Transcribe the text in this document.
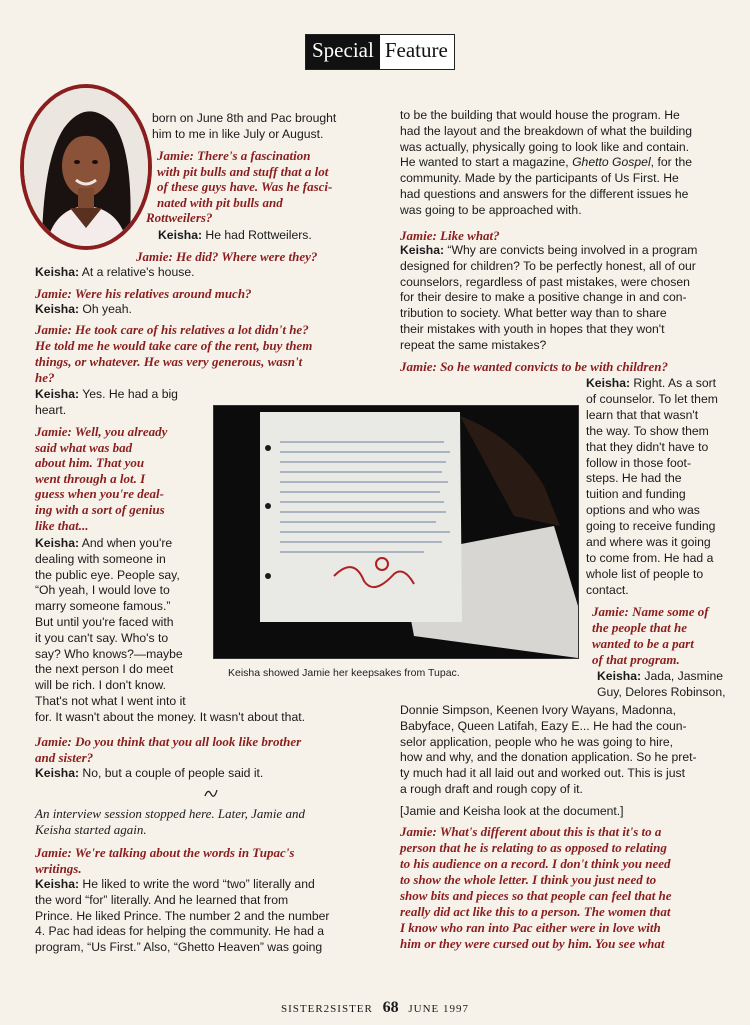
Special Feature
born on June 8th and Pac brought
him to me in like July or August.
Jamie: There's a fascination
with pit bulls and stuff that a lot
of these guys have. Was he fasci-
nated with pit bulls and
Rottweilers?
Keisha: He had Rottweilers.
Jamie: He did? Where were they?

Keisha: At a relative's house.

Jamie: Were his relatives around much?
Keisha: Oh yeah.
Jamie: He took care of his relatives a lot didn't he?
He told me he would take care of the rent, buy them
things, or whatever. He was very generous, wasn't
he?
Keisha: Yes. He had a big
heart.
Jamie: Well, you already
said what was bad
about him. That you
went through a lot. I
guess when you're deal-
ing with a sort of genius
like that...
Keisha: And when you're
dealing with someone in
the public eye. People say,
“Oh yeah, I would love to
marry someone famous.”
But until you're faced with
it you can't say. Who's to
say? Who knows?—maybe
the next person I do meet
will be rich. I don't know.
That's not what I went into it
for. It wasn't about the money. It wasn't about that.
Jamie: Do you think that you all look like brother
and sister?
Keisha: No, but a couple of people said it.
An interview session stopped here. Later, Jamie and
Keisha started again.
Jamie: We're talking about the words in Tupac's
writings.
Keisha: He liked to write the word “two” literally and
the word “for” literally. And he learned that from
Prince. He liked Prince. The number 2 and the number
4. Pac had ideas for helping the community. He had a
program, “Us First.” Also, “Ghetto Heaven” was going
to be the building that would house the program. He
had the layout and the breakdown of what the building
was actually, physically going to look like and contain.
He wanted to start a magazine, Ghetto Gospel, for the
community. Made by the participants of Us First. He
had questions and answers for the different issues he
was going to be approached with.
Jamie: Like what?
Keisha: “Why are convicts being involved in a program
designed for children? To be perfectly honest, all of our
counselors, regardless of past mistakes, were chosen
for their desire to make a positive change in and con-
tribution to society. What better way than to share
their mistakes with youth in hopes that they won't
repeat the same mistakes?
Jamie: So he wanted convicts to be with children?
Keisha: Right. As a sort
of counselor. To let them
learn that that wasn't
the way. To show them
that they didn't have to
follow in those foot-
steps. He had the
tuition and funding
options and who was
going to receive funding
and where was it going
to come from. He had a
whole list of people to
contact.
Jamie: Name some of
the people that he
wanted to be a part
of that program.
Keisha: Jada, Jasmine
Guy, Delores Robinson,
Donnie Simpson, Keenen Ivory Wayans, Madonna,
Babyface, Queen Latifah, Eazy E... He had the coun-
selor application, people who he was going to hire,
how and why, and the donation application. So he pret-
ty much had it all laid out and worked out. This is just
a rough draft and rough copy of it.
[Jamie and Keisha look at the document.]
Jamie: What's different about this is that it's to a
person that he is relating to as opposed to relating
to his audience on a record. I don't think you need
to show the whole letter. I think you just need to
show bits and pieces so that people can feel that he
really did act like this to a person. The women that
I know who ran into Pac either were in love with
him or they were cursed out by him. You see what
Keisha showed Jamie her keepsakes from Tupac.
SISTER2SISTER 68 JUNE 1997
